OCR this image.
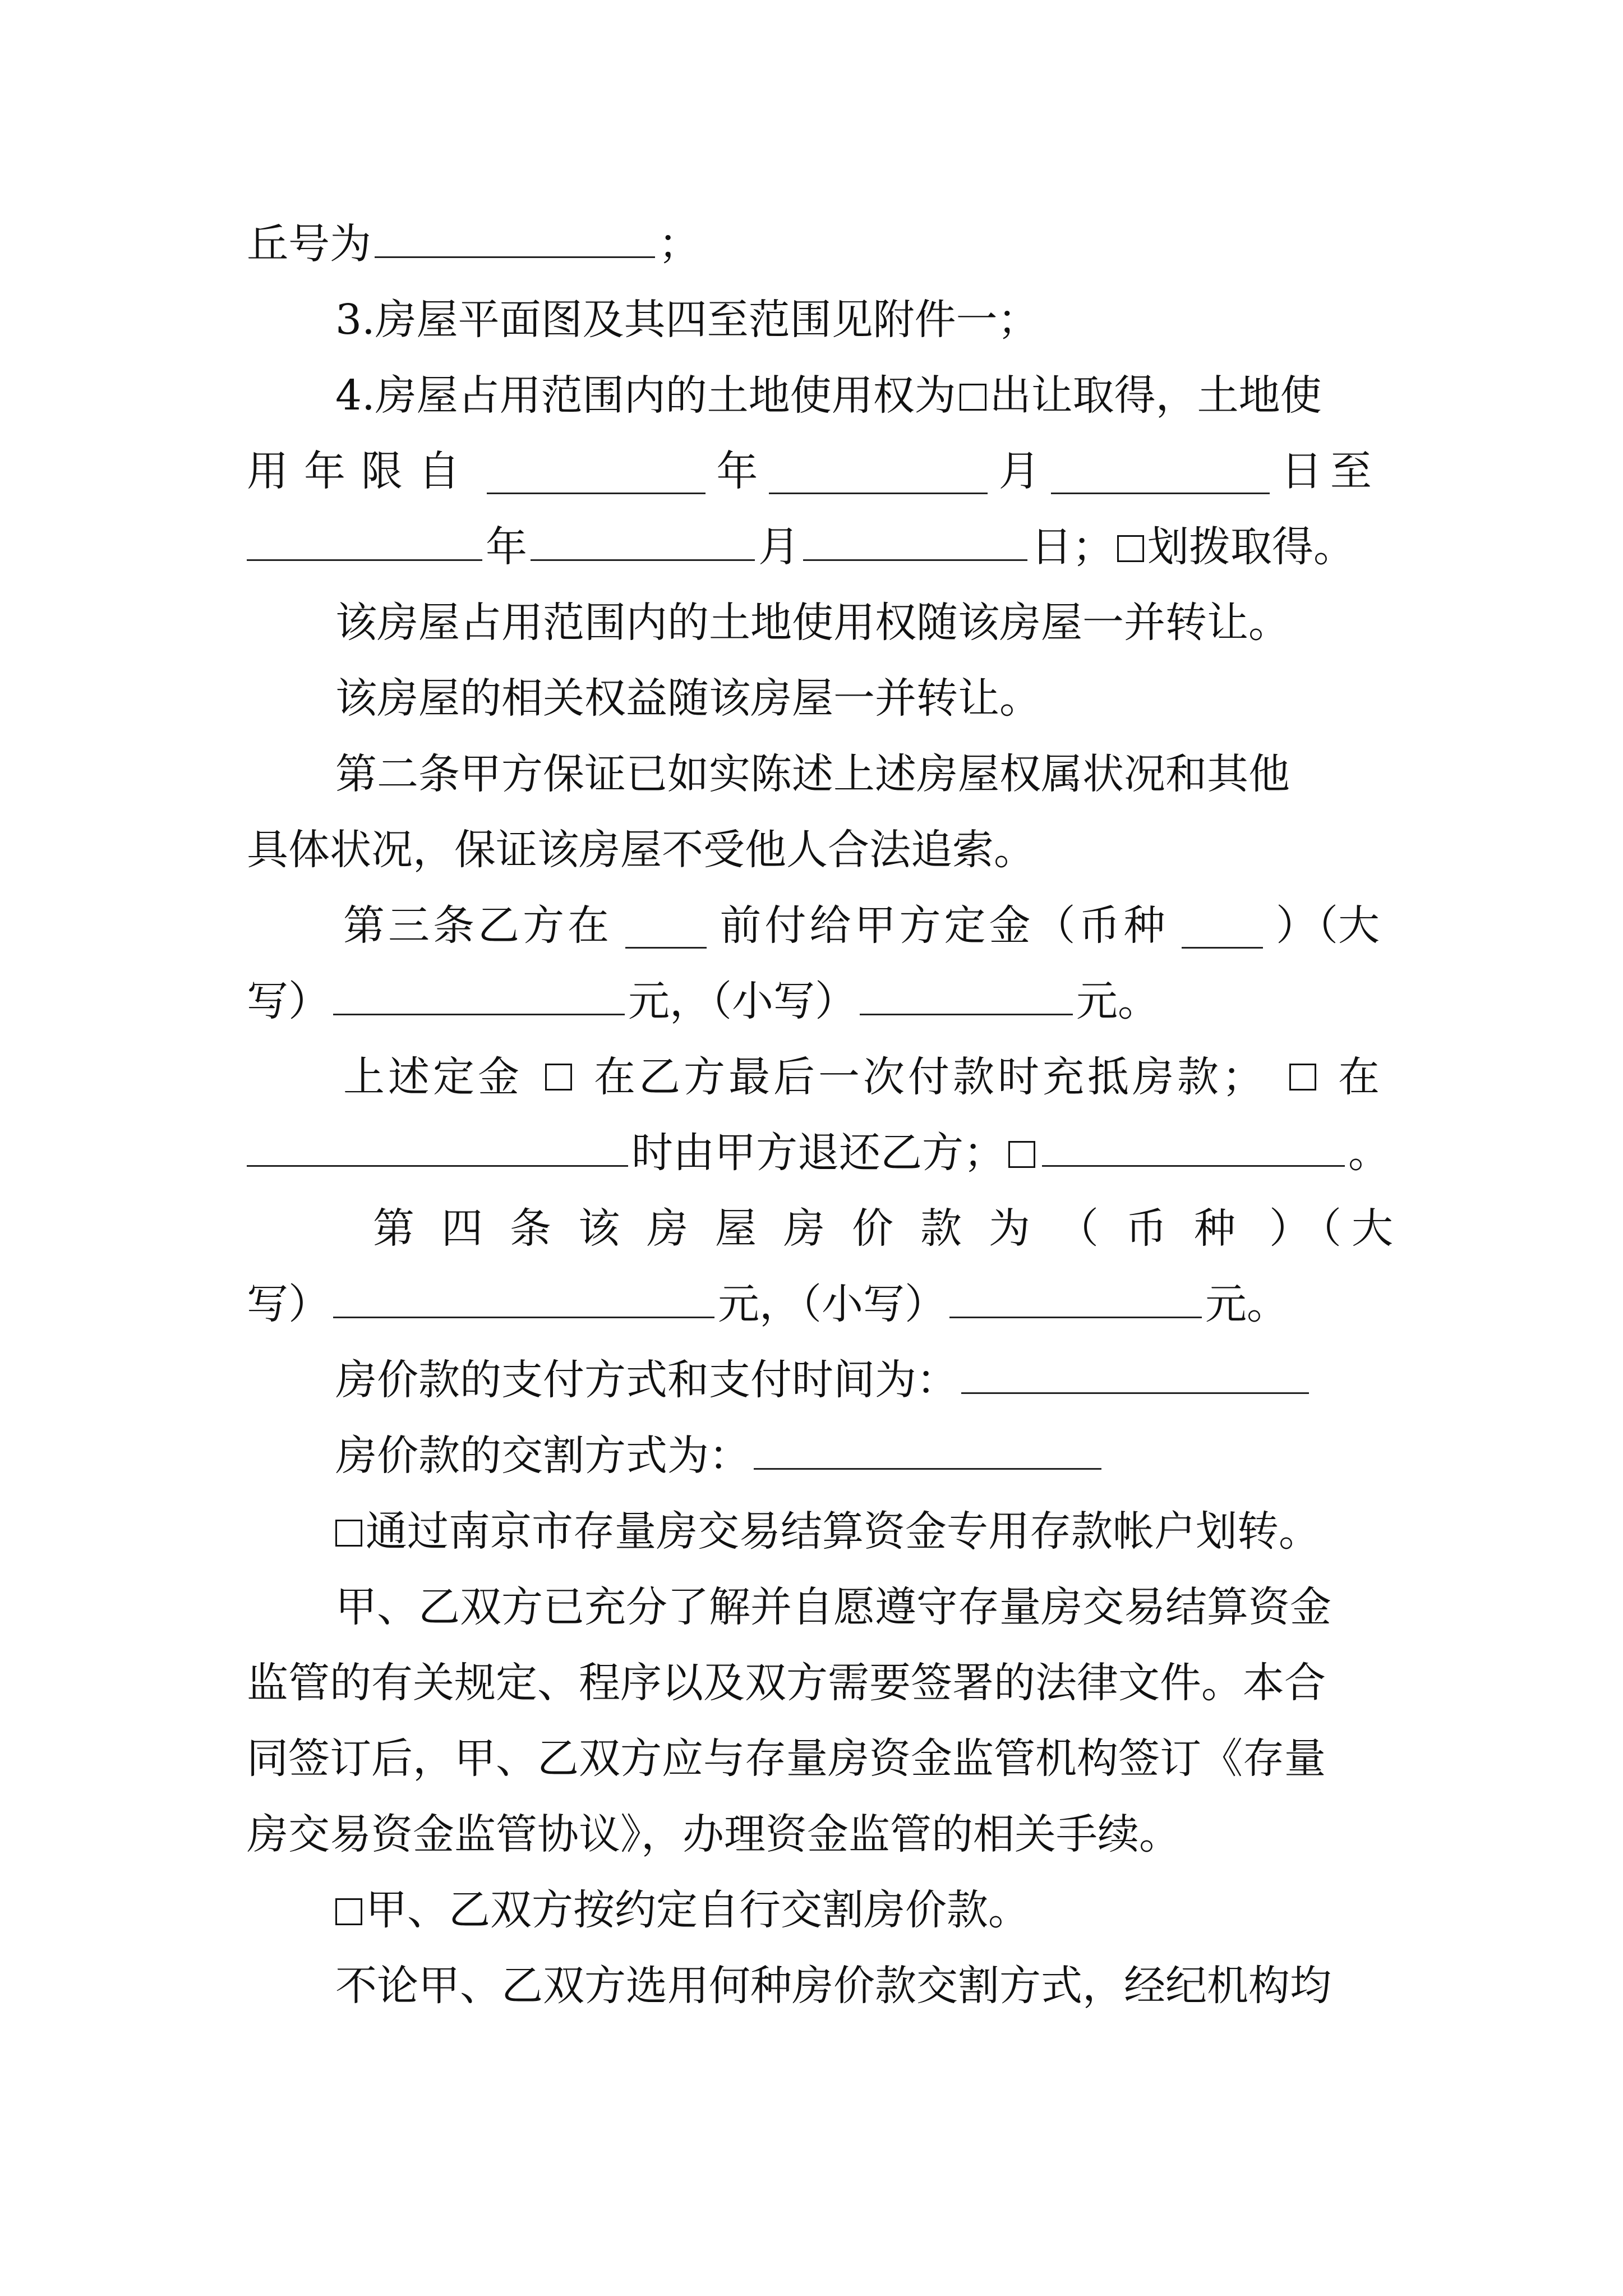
丘号为	；
3.房屋平面图及其四至范围见附件一；
4.房屋占用范围内的土地使用权为 出让取得，土地使
用年限自	年	月	日至
年	月	日； 划拨取得。
该房屋占用范围内的土地使用权随该房屋一并转让。
该房屋的相关权益随该房屋一并转让。
第二条甲方保证已如实陈述上述房屋权属状况和其他
具体状况，保证该房屋不受他人合法追索。
第三条乙方在	前付给甲方定金（币种	）（大
写）	元，（小写）	元。
上述定金 在乙方最后一次付款时充抵房款； 在
时由甲方退还乙方；	。
第四条该房屋房价款为（币种 ）（大
写）	元，（小写）	元。
房价款的支付方式和支付时间为：
房价款的交割方式为：
通过南京市存量房交易结算资金专用存款帐户划转。
甲、乙双方已充分了解并自愿遵守存量房交易结算资金
监管的有关规定、程序以及双方需要签署的法律文件。本合
同签订后，甲、乙双方应与存量房资金监管机构签订《存量
房交易资金监管协议》，办理资金监管的相关手续。
甲、乙双方按约定自行交割房价款。
不论甲、乙双方选用何种房价款交割方式，经纪机构均
